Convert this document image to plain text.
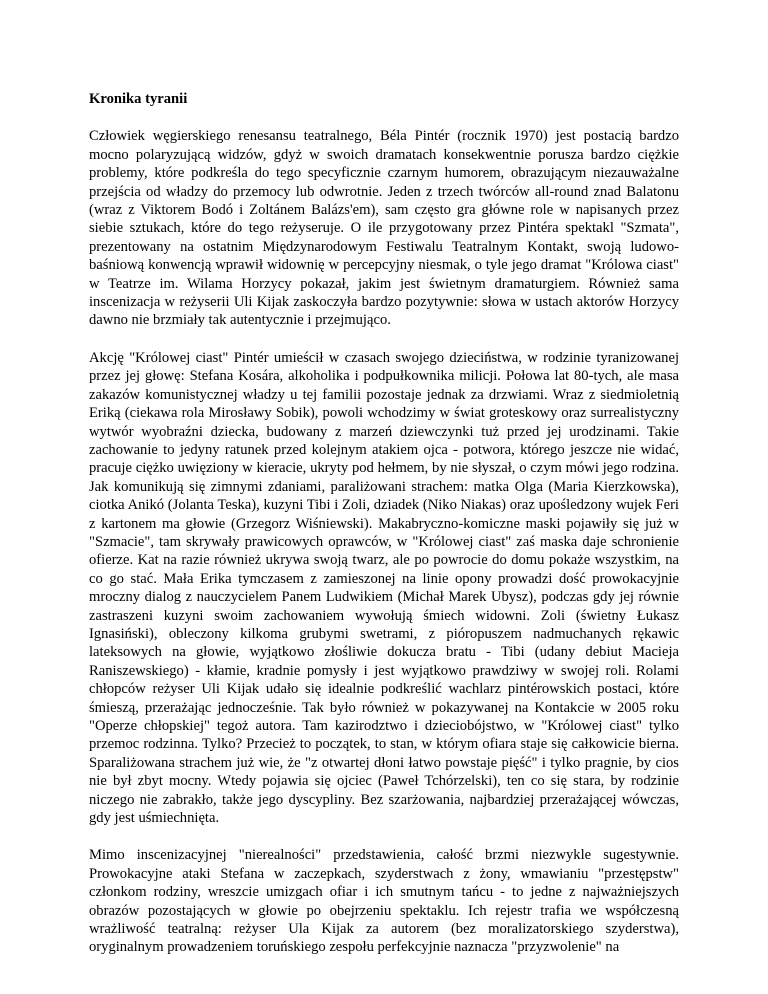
Kronika tyranii

Człowiek węgierskiego renesansu teatralnego, Béla Pintér (rocznik 1970) jest postacią bardzo mocno polaryzującą widzów, gdyż w swoich dramatach konsekwentnie porusza bardzo ciężkie problemy, które podkreśla do tego specyficznie czarnym humorem, obrazującym niezauważalne przejścia od władzy do przemocy lub odwrotnie. Jeden z trzech twórców all-round znad Balatonu (wraz z Viktorem Bodó i Zoltánem Balázs'em), sam często gra główne role w napisanych przez siebie sztukach, które do tego reżyseruje. O ile przygotowany przez Pintéra spektakl "Szmata", prezentowany na ostatnim Międzynarodowym Festiwalu Teatralnym Kontakt, swoją ludowo-baśniową konwencją wprawił widownię w percepcyjny niesmak, o tyle jego dramat "Królowa ciast" w Teatrze im. Wilama Horzycy pokazał, jakim jest świetnym dramaturgiem. Również sama inscenizacja w reżyserii Uli Kijak zaskoczyła bardzo pozytywnie: słowa w ustach aktorów Horzycy dawno nie brzmiały tak autentycznie i przejmująco.

Akcję "Królowej ciast" Pintér umieścił w czasach swojego dzieciństwa, w rodzinie tyranizowanej przez jej głowę: Stefana Kosára, alkoholika i podpułkownika milicji. Połowa lat 80-tych, ale masa zakazów komunistycznej władzy u tej familii pozostaje jednak za drzwiami. Wraz z siedmioletnią Eriką (ciekawa rola Mirosławy Sobik), powoli wchodzimy w świat groteskowy oraz surrealistyczny wytwór wyobraźni dziecka, budowany z marzeń dziewczynki tuż przed jej urodzinami. Takie zachowanie to jedyny ratunek przed kolejnym atakiem ojca - potwora, którego jeszcze nie widać, pracuje ciężko uwięziony w kieracie, ukryty pod hełmem, by nie słyszał, o czym mówi jego rodzina. Jak komunikują się zimnymi zdaniami, paraliżowani strachem: matka Olga (Maria Kierzkowska), ciotka Anikó (Jolanta Teska), kuzyni Tibi i Zoli, dziadek (Niko Niakas) oraz upośledzony wujek Feri z kartonem ma głowie (Grzegorz Wiśniewski). Makabryczno-komiczne maski pojawiły się już w "Szmacie", tam skrywały prawicowych oprawców, w "Królowej ciast" zaś maska daje schronienie ofierze. Kat na razie również ukrywa swoją twarz, ale po powrocie do domu pokaże wszystkim, na co go stać. Mała Erika tymczasem z zamieszonej na linie opony prowadzi dość prowokacyjnie mroczny dialog z nauczycielem Panem Ludwikiem (Michał Marek Ubysz), podczas gdy jej równie zastraszeni kuzyni swoim zachowaniem wywołują śmiech widowni. Zoli (świetny Łukasz Ignasiński), obleczony kilkoma grubymi swetrami, z pióropuszem nadmuchanych rękawic lateksowych na głowie, wyjątkowo złośliwie dokucza bratu - Tibi (udany debiut Macieja Raniszewskiego) - kłamie, kradnie pomysły i jest wyjątkowo prawdziwy w swojej roli. Rolami chłopców reżyser Uli Kijak udało się idealnie podkreślić wachlarz pintérowskich postaci, które śmieszą, przerażając jednocześnie. Tak było również w pokazywanej na Kontakcie w 2005 roku "Operze chłopskiej" tegoż autora. Tam kazirodztwo i dzieciobójstwo, w "Królowej ciast" tylko przemoc rodzinna. Tylko? Przecież to początek, to stan, w którym ofiara staje się całkowicie bierna. Sparaliżowana strachem już wie, że "z otwartej dłoni łatwo powstaje pięść" i tylko pragnie, by cios nie był zbyt mocny. Wtedy pojawia się ojciec (Paweł Tchórzelski), ten co się stara, by rodzinie niczego nie zabrakło, także jego dyscypliny. Bez szarżowania, najbardziej przerażającej wówczas, gdy jest uśmiechnięta.

Mimo inscenizacyjnej "nierealności" przedstawienia, całość brzmi niezwykle sugestywnie. Prowokacyjne ataki Stefana w zaczepkach, szyderstwach z żony, wmawianiu "przestępstw" członkom rodziny, wreszcie umizgach ofiar i ich smutnym tańcu - to jedne z najważniejszych obrazów pozostających w głowie po obejrzeniu spektaklu. Ich rejestr trafia we współczesną wrażliwość teatralną: reżyser Ula Kijak za autorem (bez moralizatorskiego szyderstwa), oryginalnym prowadzeniem toruńskiego zespołu perfekcyjnie naznacza "przyzwolenie" na
